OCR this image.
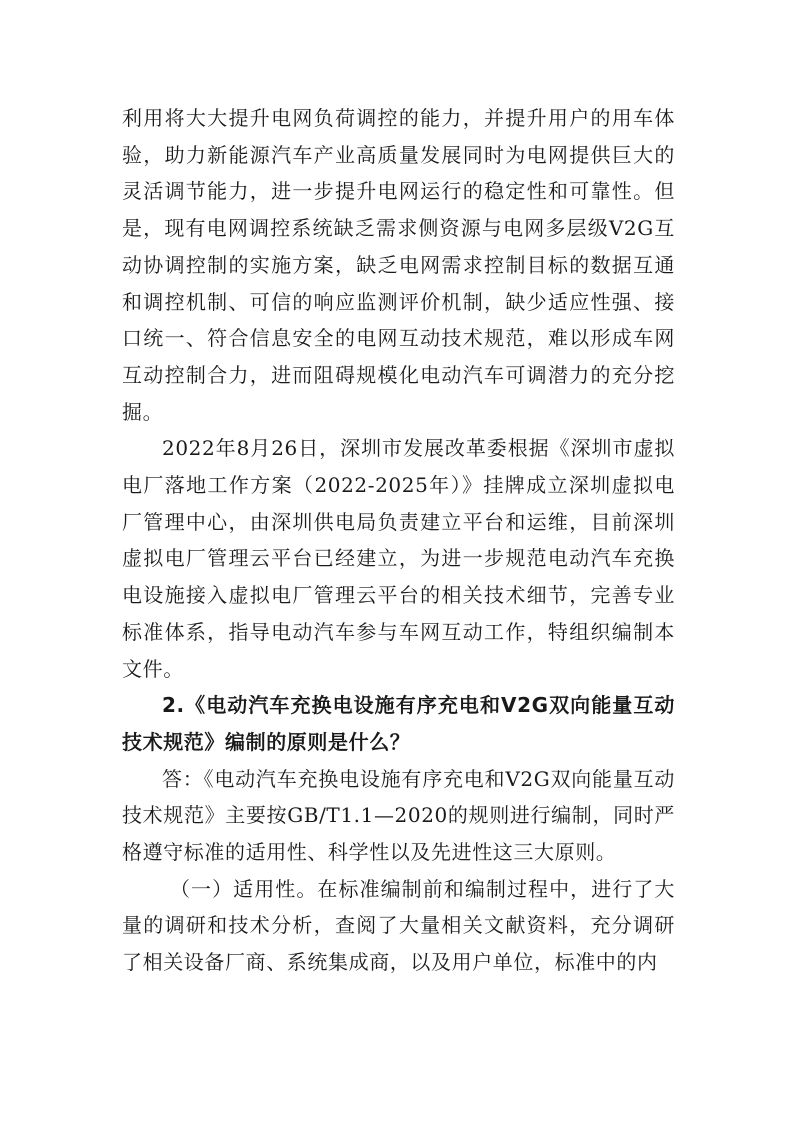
利用将大大提升电网负荷调控的能力，并提升用户的用车体验，助力新能源汽车产业高质量发展同时为电网提供巨大的灵活调节能力，进一步提升电网运行的稳定性和可靠性。但是，现有电网调控系统缺乏需求侧资源与电网多层级V2G互动协调控制的实施方案，缺乏电网需求控制目标的数据互通和调控机制、可信的响应监测评价机制，缺少适应性强、接口统一、符合信息安全的电网互动技术规范，难以形成车网互动控制合力，进而阻碍规模化电动汽车可调潜力的充分挖掘。

2022年8月26日，深圳市发展改革委根据《深圳市虚拟电厂落地工作方案（2022-2025年）》挂牌成立深圳虚拟电厂管理中心，由深圳供电局负责建立平台和运维，目前深圳虚拟电厂管理云平台已经建立，为进一步规范电动汽车充换电设施接入虚拟电厂管理云平台的相关技术细节，完善专业标准体系，指导电动汽车参与车网互动工作，特组织编制本文件。

2.《电动汽车充换电设施有序充电和V2G双向能量互动技术规范》编制的原则是什么？

答：《电动汽车充换电设施有序充电和V2G双向能量互动技术规范》主要按GB/T1.1—2020的规则进行编制，同时严格遵守标准的适用性、科学性以及先进性这三大原则。

（一）适用性。在标准编制前和编制过程中，进行了大量的调研和技术分析，查阅了大量相关文献资料，充分调研了相关设备厂商、系统集成商，以及用户单位，标准中的内
